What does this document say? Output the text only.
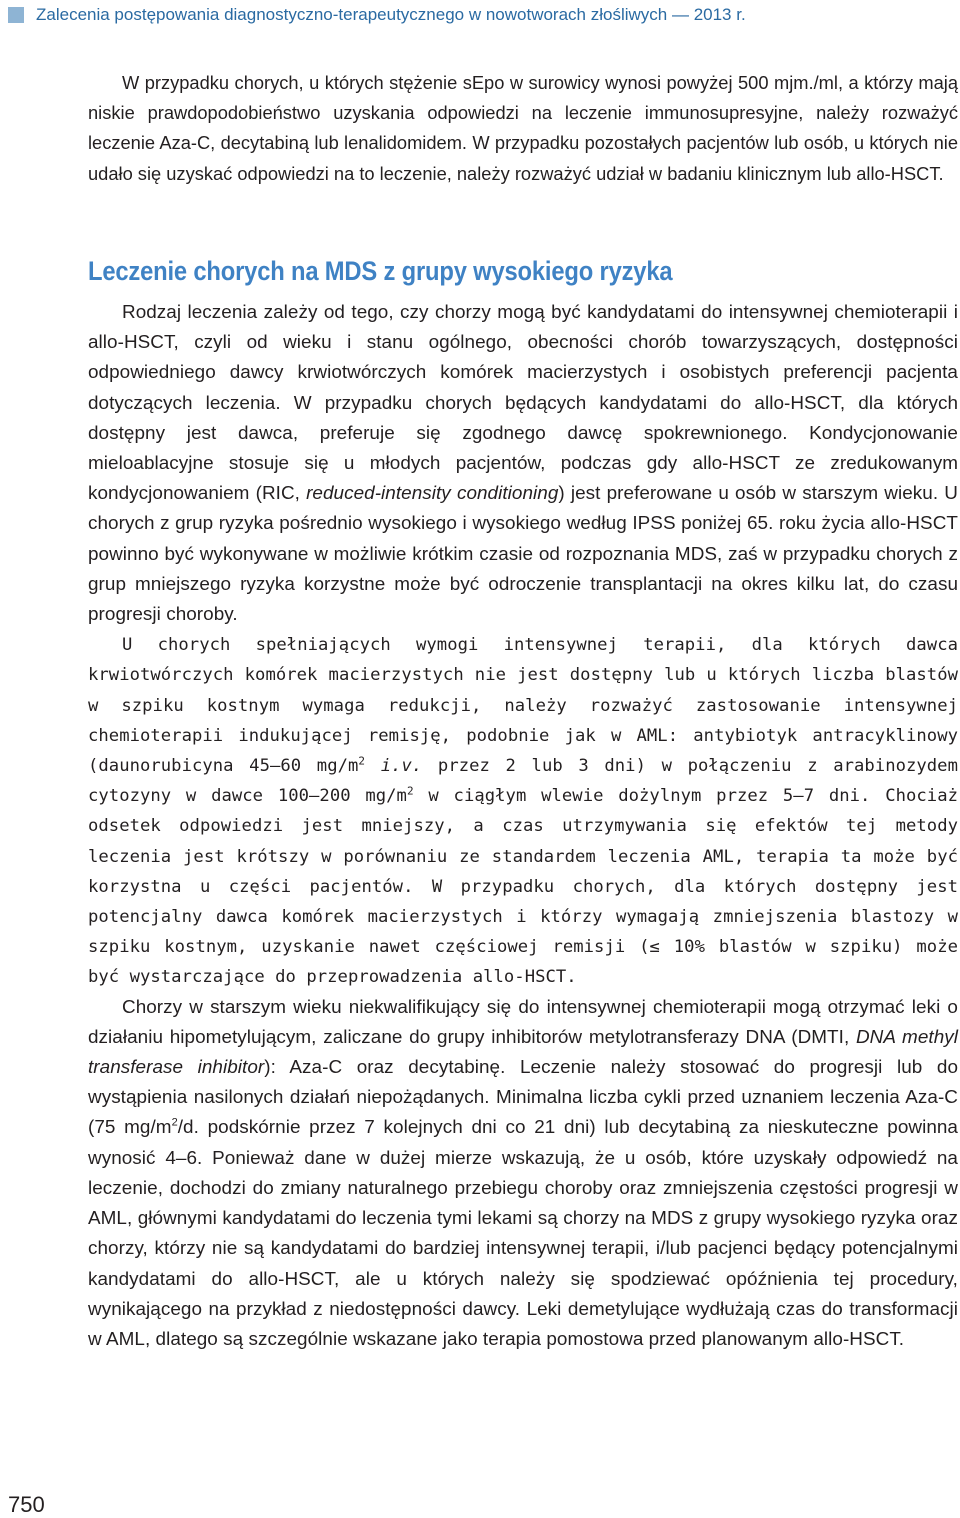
Zalecenia postępowania diagnostyczno-terapeutycznego w nowotworach złośliwych — 2013 r.

W przypadku chorych, u których stężenie sEpo w surowicy wynosi powyżej 500 mjm./ml, a którzy mają niskie prawdopodobieństwo uzyskania odpowiedzi na leczenie immunosupresyjne, należy rozważyć leczenie Aza-C, decytabiną lub lenalidomidem. W przypadku pozostałych pacjentów lub osób, u których nie udało się uzyskać odpowiedzi na to leczenie, należy rozważyć udział w badaniu klinicznym lub allo-HSCT.

Leczenie chorych na MDS z grupy wysokiego ryzyka

Rodzaj leczenia zależy od tego, czy chorzy mogą być kandydatami do intensywnej chemioterapii i allo-HSCT, czyli od wieku i stanu ogólnego, obecności chorób towarzyszących, dostępności odpowiedniego dawcy krwiotwórczych komórek macierzystych i osobistych preferencji pacjenta dotyczących leczenia. W przypadku chorych będących kandydatami do allo-HSCT, dla których dostępny jest dawca, preferuje się zgodnego dawcę spokrewnionego. Kondycjonowanie mieloablacyjne stosuje się u młodych pacjentów, podczas gdy allo-HSCT ze zredukowanym kondycjonowaniem (RIC, reduced-intensity conditioning) jest preferowane u osób w starszym wieku. U chorych z grup ryzyka pośrednio wysokiego i wysokiego według IPSS poniżej 65. roku życia allo-HSCT powinno być wykonywane w możliwie krótkim czasie od rozpoznania MDS, zaś w przypadku chorych z grup mniejszego ryzyka korzystne może być odroczenie transplantacji na okres kilku lat, do czasu progresji choroby.

U chorych spełniających wymogi intensywnej terapii, dla których dawca krwiotwórczych komórek macierzystych nie jest dostępny lub u których liczba blastów w szpiku kostnym wymaga redukcji, należy rozważyć zastosowanie intensywnej chemioterapii indukującej remisję, podobnie jak w AML: antybiotyk antracyklinowy (daunorubicyna 45–60 $mg/m^2$ i.v. przez 2 lub 3 dni) w połączeniu z arabinozydem cytozyny w dawce 100–200 $mg/m^2$ w ciągłym wlewie dożylnym przez 5–7 dni. Chociaż odsetek odpowiedzi jest mniejszy, a czas utrzymywania się efektów tej metody leczenia jest krótszy w porównaniu ze standardem leczenia AML, terapia ta może być korzystna u części pacjentów. W przypadku chorych, dla których dostępny jest potencjalny dawca komórek macierzystych i którzy wymagają zmniejszenia blastozy w szpiku kostnym, uzyskanie nawet częściowej remisji (≤ 10% blastów w szpiku) może być wystarczające do przeprowadzenia allo-HSCT.

Chorzy w starszym wieku niekwalifikujący się do intensywnej chemioterapii mogą otrzymać leki o działaniu hipometylującym, zaliczane do grupy inhibitorów metylotransferazy DNA (DMTI, DNA methyl transferase inhibitor): Aza-C oraz decytabinę. Leczenie należy stosować do progresji lub do wystąpienia nasilonych działań niepożądanych. Minimalna liczba cykli przed uznaniem leczenia Aza-C (75 $mg/m^2/d$. podskórnie przez 7 kolejnych dni co 21 dni) lub decytabiną za nieskuteczne powinna wynosić 4–6. Ponieważ dane w dużej mierze wskazują, że u osób, które uzyskały odpowiedź na leczenie, dochodzi do zmiany naturalnego przebiegu choroby oraz zmniejszenia częstości progresji w AML, głównymi kandydatami do leczenia tymi lekami są chorzy na MDS z grupy wysokiego ryzyka oraz chorzy, którzy nie są kandydatami do bardziej intensywnej terapii, i/lub pacjenci będący potencjalnymi kandydatami do allo-HSCT, ale u których należy się spodziewać opóźnienia tej procedury, wynikającego na przykład z niedostępności dawcy. Leki demetylujące wydłużają czas do transformacji w AML, dlatego są szczególnie wskazane jako terapia pomostowa przed planowanym allo-HSCT.

750
